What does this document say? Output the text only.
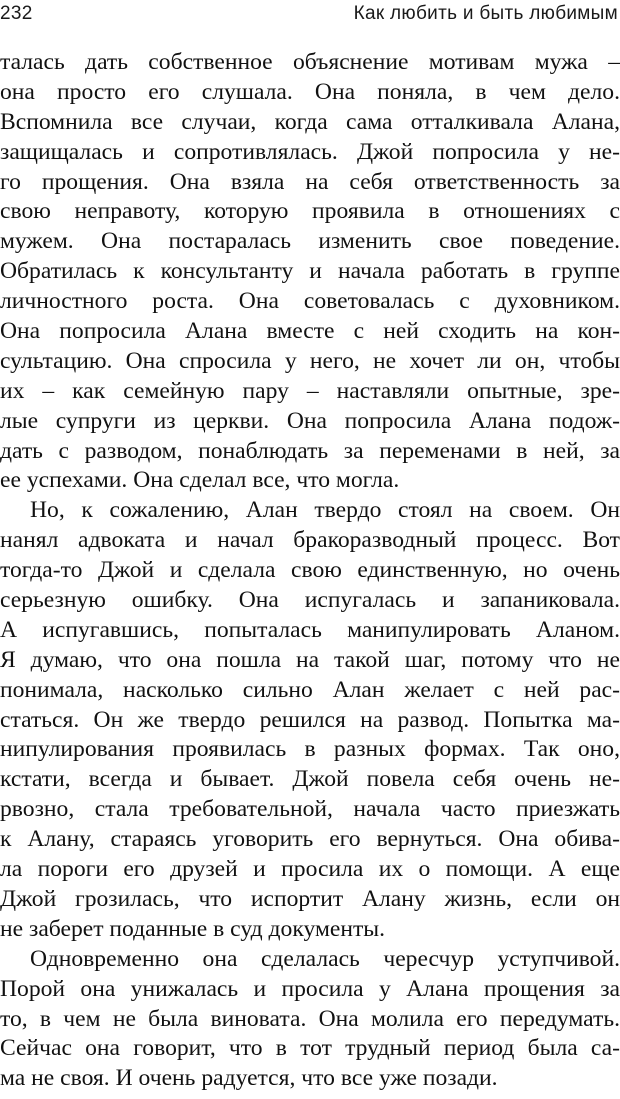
232	Как любить и быть любимым
талась дать собственное объяснение мотивам мужа –
она просто его слушала. Она поняла, в чем дело.
Вспомнила все случаи, когда сама отталкивала Алана,
защищалась и сопротивлялась. Джой попросила у не-
го прощения. Она взяла на себя ответственность за
свою неправоту, которую проявила в отношениях с
мужем. Она постаралась изменить свое поведение.
Обратилась к консультанту и начала работать в группе
личностного роста. Она советовалась с духовником.
Она попросила Алана вместе с ней сходить на кон-
сультацию. Она спросила у него, не хочет ли он, чтобы
их – как семейную пару – наставляли опытные, зре-
лые супруги из церкви. Она попросила Алана подож-
дать с разводом, понаблюдать за переменами в ней, за
ее успехами. Она сделал все, что могла.
Но, к сожалению, Алан твердо стоял на своем. Он
нанял адвоката и начал бракоразводный процесс. Вот
тогда-то Джой и сделала свою единственную, но очень
серьезную ошибку. Она испугалась и запаниковала.
А испугавшись, попыталась манипулировать Аланом.
Я думаю, что она пошла на такой шаг, потому что не
понимала, насколько сильно Алан желает с ней рас-
статься. Он же твердо решился на развод. Попытка ма-
нипулирования проявилась в разных формах. Так оно,
кстати, всегда и бывает. Джой повела себя очень не-
рвозно, стала требовательной, начала часто приезжать
к Алану, стараясь уговорить его вернуться. Она обива-
ла пороги его друзей и просила их о помощи. А еще
Джой грозилась, что испортит Алану жизнь, если он
не заберет поданные в суд документы.
Одновременно она сделалась чересчур уступчивой.
Порой она унижалась и просила у Алана прощения за
то, в чем не была виновата. Она молила его передумать.
Сейчас она говорит, что в тот трудный период была са-
ма не своя. И очень радуется, что все уже позади.
